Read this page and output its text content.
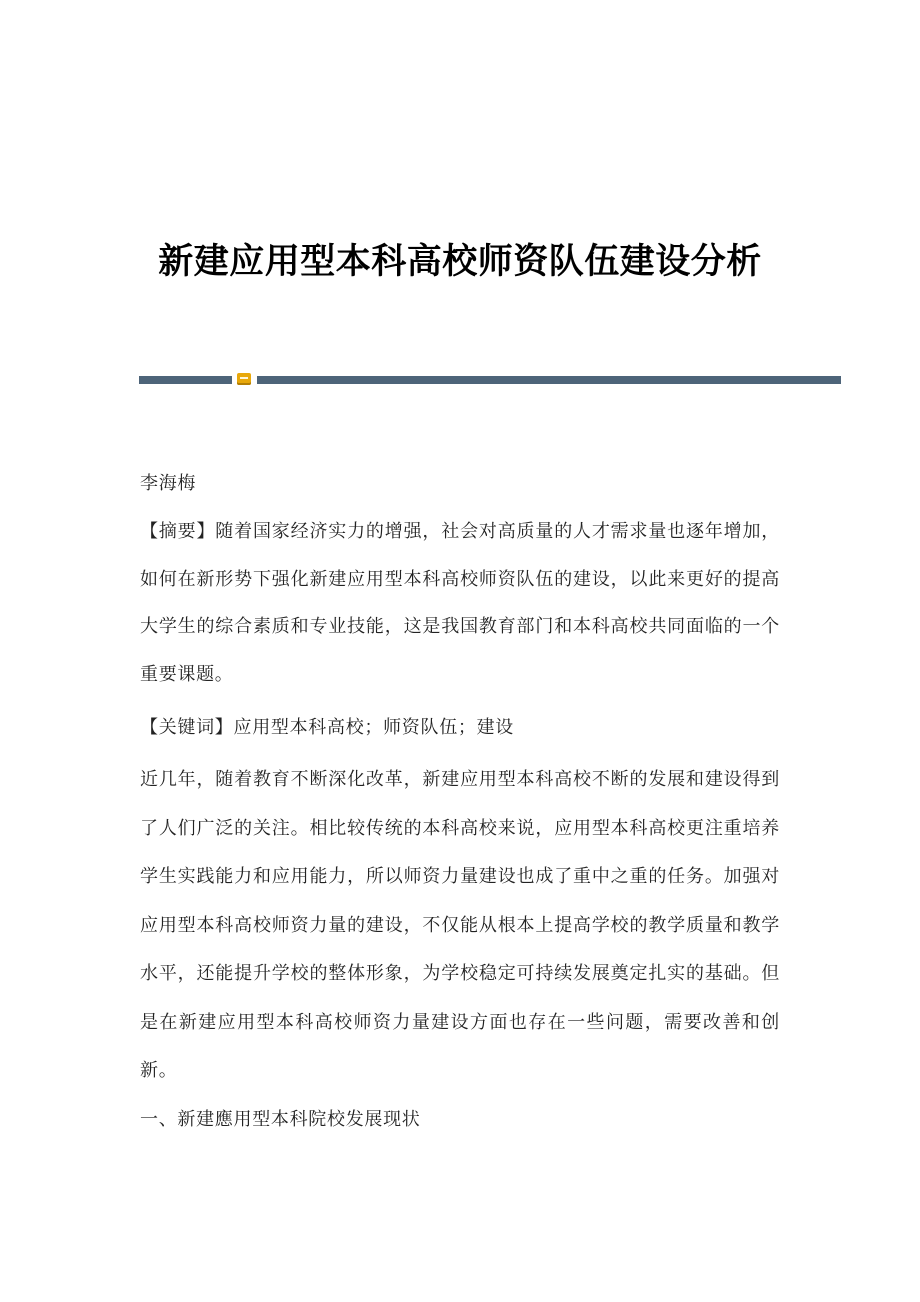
新建应用型本科高校师资队伍建设分析

李海梅

【摘要】随着国家经济实力的增强，社会对高质量的人才需求量也逐年增加，如何在新形势下强化新建应用型本科高校师资队伍的建设，以此来更好的提高大学生的综合素质和专业技能，这是我国教育部门和本科高校共同面临的一个重要课题。

【关键词】应用型本科高校；师资队伍；建设

近几年，随着教育不断深化改革，新建应用型本科高校不断的发展和建设得到了人们广泛的关注。相比较传统的本科高校来说，应用型本科高校更注重培养学生实践能力和应用能力，所以师资力量建设也成了重中之重的任务。加强对应用型本科高校师资力量的建设，不仅能从根本上提高学校的教学质量和教学水平，还能提升学校的整体形象，为学校稳定可持续发展奠定扎实的基础。但是在新建应用型本科高校师资力量建设方面也存在一些问题，需要改善和创新。

一、新建應用型本科院校发展现状
